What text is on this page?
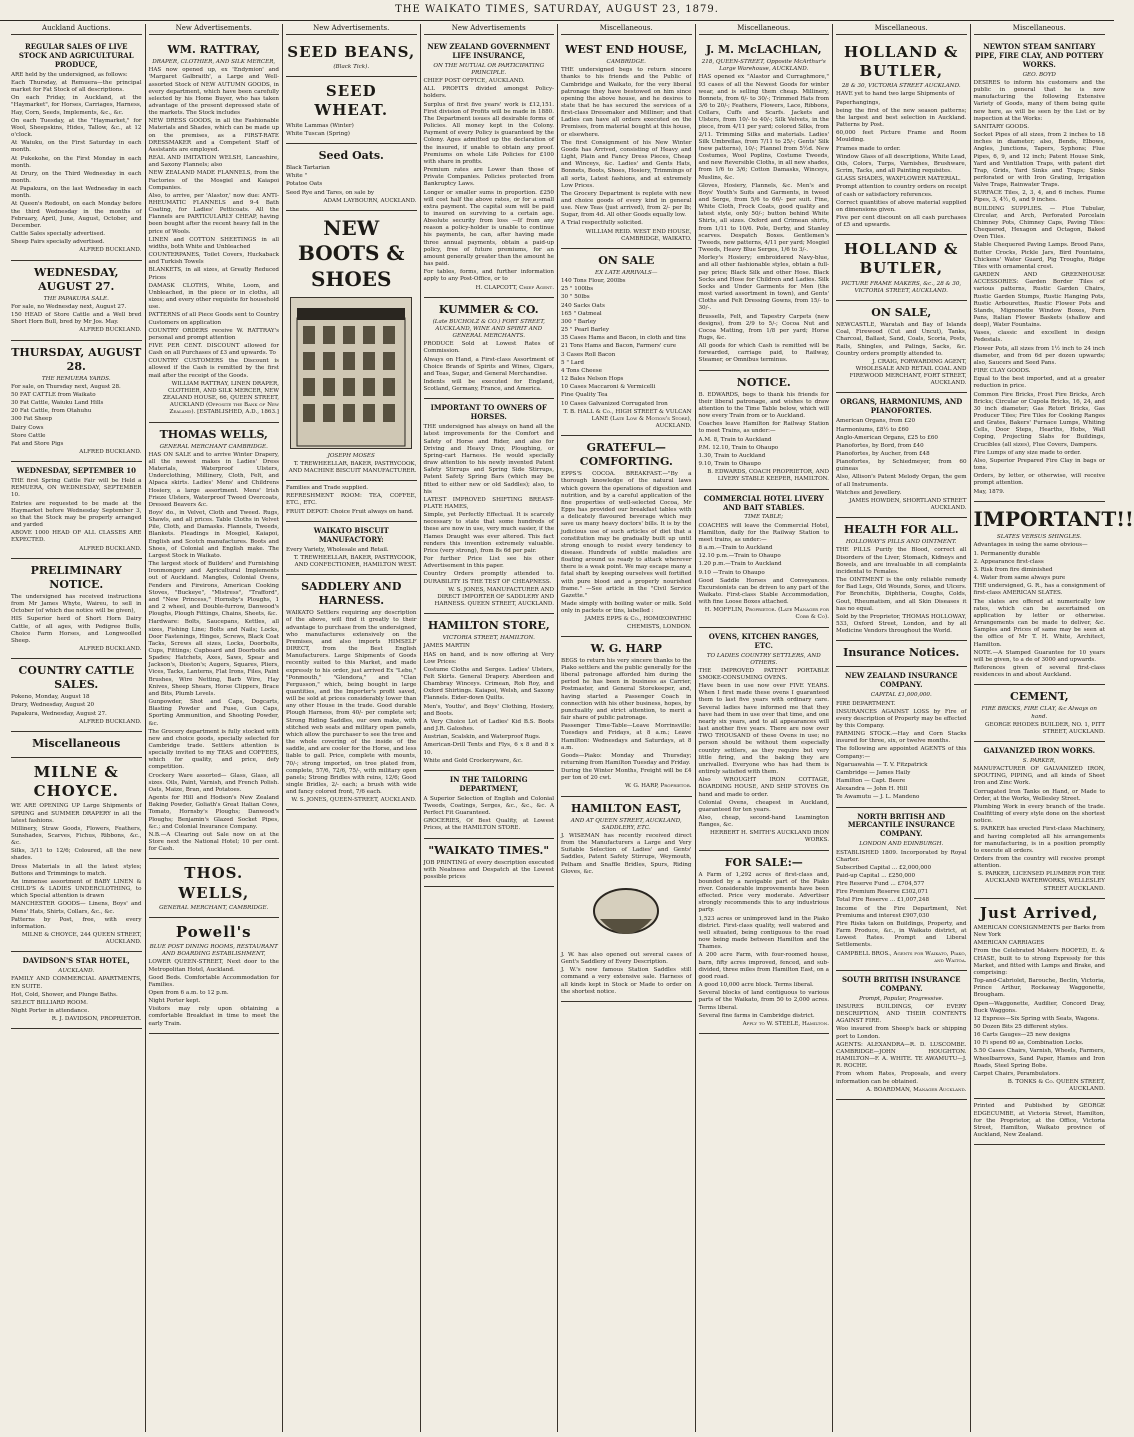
THE WAIKATO TIMES, SATURDAY, AUGUST 23, 1879.
Auckland Auctions.
REGULAR SALES OF LIVE STOCK AND AGRICULTURAL PRODUCE,
ARE held by the undersigned, as follows:
Each Thursday, at Remuera—the principal market for Fat Stock of all descriptions.
On each Friday, in Auckland, at the "Haymarket", for Horses, Carriages, Harness, Hay, Corn, Seeds, Implements, &c., &c.
On each Tuesday, at the "Haymarket," for Wool, Sheepskins, Hides, Tallow, &c., at 12 o'clock.
At Waiuku, on the First Saturday in each month.
At Pukekohe, on the First Monday in each month.
At Drury, on the Third Wednesday in each month.
At Papakura, on the last Wednesday in each month.
At Queen's Redoubt, on each Monday before the third Wednesday in the months of February, April, June, August, October, and December.
Cattle Sales specially advertised.
Sheep Fairs specially advertised.
ALFRED BUCKLAND.
WEDNESDAY, AUGUST 27.
THE PAPAKURA SALE.
For sale, no Wednesday next, August 27.
150 HEAD of Store Cattle and a Well bred Short Horn Bull, bred by Mr Jos. May.
ALFRED BUCKLAND.
THURSDAY, AUGUST 28.
THE REMUERA YARDS.
For sale, on Thursday next, August 28.
50 FAT CATTLE from Waikato
30 Fat Cattle, Waiuku Land Hills
20 Fat Cattle, from Otahuhu
300 Fat Sheep
Dairy Cows
Store Cattle
Fat and Store Pigs
ALFRED BUCKLAND.
WEDNESDAY, SEPTEMBER 10
THE first Spring Cattle Fair will be Held a REMUERA, ON WEDNESDAY, SEPTEMBER 10.
Entries are requested to be made at the Haymarket before Wednesday September 3, so that the Stock may be properly arranged and yarded
ABOVE 1000 HEAD OF ALL CLASSES ARE EXPECTED.
ALFRED BUCKLAND.
PRELIMINARY NOTICE.
The undersigned has received instructions from Mr James Whyte, Waireu, to sell in October (of which due notice will be given),
HIS Superior herd of Short Horn Dairy Cattle, of all ages, with Pedigree Bulls, Choice Farm Horses, and Longwoolled Sheep.
ALFRED BUCKLAND.
COUNTRY CATTLE SALES.
Pokeno, Monday, August 18
Drury, Wednesday, August 20
Papakura, Wednesday, August 27.
ALFRED BUCKLAND.
Miscellaneous
MILNE & CHOYCE.
WE ARE OPENING UP Large Shipments of SPRING and SUMMER DRAPERY in all the latest fashions.
Millinery, Straw Goods, Flowers, Feathers, Sunshades, Scarves, Fichus, Ribbons, &c., &c.
Silks, 3/11 to 12/6; Coloured, all the new shades.
Dress Materials in all the latest styles; Buttons and Trimmings to match.
An immense assortment of BABY LINEN & CHILD'S & LADIES UNDERCLOTHING, to which Special attention is drawn
MANCHESTER GOODS— Linens, Boys' and Mens' Hats, Shirts, Collars, &c., &c.
Patterns by Post, free, with every information.
MILNE & CHOYCE, 244 QUEEN STREET, AUCKLAND.
DAVIDSON'S STAR HOTEL,
AUCKLAND.
FAMILY AND COMMERCIAL APARTMENTS, EN SUITE.
Hot, Cold, Shower, and Plunge Baths.
SELECT BILLIARD ROOM.
Night Porter in attendance.
R. J. DAVIDSON, PROPRIETOR.
New Advertisements.
WM. RATTRAY,
DRAPER, CLOTHIER, AND SILK MERCER,
HAS now opened up, ex 'Endymion' and 'Margaret Galbraith', a Large and Well-assorted Stock of NEW AUTUMN GOODS, in every department, which have been carefully selected by his Home Buyer, who has taken advantage of the present depressed state of the markets. The Stock includes
NEW DRESS GOODS, in all the Fashionable Materials and Shades, which can be made up on the premises, as a FIRST-RATE DRESSMAKER and a Competent Staff of Assistants are employed.
REAL AND IMITATION WELSH, Lancashire, and Saxony Flannels; also
NEW ZEALAND MADE FLANNELS, from the Factories of the Mosgiel and Kaiapoi Companies.
Also, to arrive, per 'Alastor,' now due: ANTI-RHEUMATIC FLANNELS and 9-4 Bath Coating, for Ladies' Petticoats. All the Flannels are PARTICULARLY CHEAP, having been bought after the recent heavy fall in the price of Wools.
LINEN and COTTON SHEETINGS in all widths, both White and Unbleached
COUNTERPANES, Toilet Covers, Huckaback and Turkish Towels
BLANKETS, in all sizes, at Greatly Reduced Prices
DAMASK CLOTHS, White, Loom, and Unbleached, in the piece or in cloths, all sizes; and every other requisite for household use.
PATTERNS of all Piece Goods sent to Country Customers on application
COUNTRY ORDERS receive W. RATTRAY's personal and prompt attention
FIVE PER CENT. DISCOUNT allowed for Cash on all Purchases of £3 and upwards. To
COUNTRY CUSTOMERS the Discount is allowed if the Cash is remitted by the first mail after the receipt of the Goods.
WILLIAM RATTRAY, LINEN DRAPER, CLOTHIER, AND SILK MERCER, NEW ZEALAND HOUSE, 66, QUEEN STREET, AUCKLAND (Opposite the Bank of New Zealand). [ESTABLISHED, A.D., 1863.]
THOMAS WELLS,
GENERAL MERCHANT CAMBRIDGE.
HAS ON SALE and to arrive Winter Drapery, all the newest makes in Ladies' Dress Materials, Waterproof Ulsters, Underclothing, Millinery, Cloth, Felt, and Alpaca skirts. Ladies' Mens' and Childrens Hosiery, a large assortment. Mens' Irish Frieze Ulsters, Waterproof Tweed Overcoats, Dressed Beavers &c.
Boys' do., in Velvet, Cloth and Tweed. Rugs, Shawls, and all prices. Table Cloths in Velvet Pile, Cloth, and Damasks. Flannels, Tweeds, Blankets. Fleadings in Mosgiel, Kaiapoi, English and Scotch manufactures. Boots and Shoes, of Colonial and English make. The Largest Stock in Waikato.
The largest stock of Builders' and Furnishing Ironmongery and Agricultural Implements out of Auckland. Mangles, Colonial Ovens, Fenders and Fireirons, American Cooking Stoves, "Buckeye", "Mistress", "Trafford", and "New Princess," Hornsby's Ploughs, 1 and 2 wheel, and Double-furrow, Danwood's Ploughs, Plough Fittings, Chains, Sheets, &c.
Hardware: Bolts, Saucepans, Kettles, all sizes, Fishing Line; Bolts and Nails; Locks, Door Fastenings, Hinges, Screws, Black Coat Tacks, Screws all sizes, Locks, Doorbolts, Cups, Fittings; Cupboard and Doorbolts and Spades; Hatchets, Axes, Saws, Spear and Jackson's, Disston's; Augers, Squares, Pliers, Vices, Tacks, Lanterns, Flat Irons, Files, Paint Brushes, Wire Netting, Barb Wire, Hay Knives, Sheep Shears, Horse Clippers, Brace and Bits, Plumb Levels.
Gunpowder, Shot and Caps, Dogcarts, Blasting Powder and Fuse, Gun Caps, Sporting Ammunition, and Shooting Powder, &c.
The Grocery department is fully stocked with new and choice goods, specially selected for Cambridge trade. Settlers attention is specially invited to my TEAS and COFFEES, which for quality, and price, defy competition.
Crockery Ware assorted— Glass, Glass, all sizes. Oils, Paint, Varnish, and French Polish. Oats, Maize, Bran, and Potatoes.
Agents for Hill and Hodson's New Zealand Baking Powder, Goliath's Great Italian Cows, Tomato, Hornsby's Ploughs; Danwood's Ploughs; Benjamin's Glazed Socket Pipes, &c.; and Colonial Insurance Company.
N.B.—A Clearing out Sale now on at the Store next the National Hotel; 10 per cent. for Cash.
THOS. WELLS,
GENERAL MERCHANT, CAMBRIDGE.
Powell's
BLUE POST DINING ROOMS, RESTAURANT AND BOARDING ESTABLISHMENT,
LOWER QUEEN-STREET, Next door to the Metropolitan Hotel, Auckland.
Good Beds. Comfortable Accommodation for Families.
Open from 6 a.m. to 12 p.m.
Night Porter kept.
Visitors may rely upon obtaining a comfortable Breakfast in time to meet the early Train.
New Advertisements.
SEED BEANS,
(Black Tick).
SEED WHEAT.
White Lammas (Winter)
White Tuscan (Spring)
Seed Oats.
Black Tartarian
White "
Potatoe Oats
Seed Rye and Tares, on sale by
ADAM LAYBOURN, AUCKLAND.
NEW BOOTS & SHOES
JOSEPH MOSES
T. TREWHEELLAR, BAKER, PASTRYCOOK, AND MACHINE BISCUIT MANUFACTURER.
Families and Trade supplied.
REFRESHMENT ROOM: TEA, COFFEE, ETC., ETC.
FRUIT DEPOT: Choice Fruit always on hand.
WAIKATO BISCUIT MANUFACTORY:
Every Variety, Wholesale and Retail.
T. TREWHEELLAR, BAKER, PASTRYCOOK, AND CONFECTIONER, HAMILTON WEST.
SADDLERY AND HARNESS.
WAIKATO Settlers requiring any description of the above, will find it greatly to their advantage to purchase from the undersigned, who manufactures extensively on the Premises, and also imports HIMSELF DIRECT, from the Best English Manufacturers. Large Shipments of Goods recently suited to this Market, and made expressly to his order, just arrived Ex "Lebu," "Ponmouth," "Glendora," and "Clan Fergusson," which, being bought in large quantities, and the Importer's profit saved, will be sold at prices considerably lower than any other House in the trade. Good durable Plough Harness, from 40/- per complete set; Strong Riding Saddles, our own make, with stitched web seats and military open panels, which allow the purchaser to see the tree and the whole covering of the inside of the saddle, and are cooler for the Horse, and less liable to gall. Price, complete with mounts, 70/-; strong imported, on tree plated from, complete, 57/6, 72/6, 75/-, with military open panels; Strong Bridles with reins, 12/6; Good single Bridles, 2/- each; a brush with wide and fancy colored front, 7/6 each.
W. S. JONES, QUEEN-STREET, AUCKLAND.
New Advertisements
NEW ZEALAND GOVERNMENT LIFE INSURANCE,
ON THE MUTUAL OR PARTICIPATING PRINCIPLE.
CHIEF POST OFFICE, AUCKLAND.
ALL PROFITS divided amongst Policy-holders.
Surplus of first five years' work is £12,151. First division of Profits will be made in 1880. The Department issues all desirable forms of Policies. All money kept in the Colony. Payment of every Policy is guaranteed by the Colony. Ages admitted up the declaration of the insured, if unable to obtain any proof. Premiums on whole Life Policies for £100 with share in profits.
Premium rates are Lower than those of Private Companies. Policies protected from Bankruptcy Laws.
Longer or smaller sums in proportion. £250 will cost half the above rates, or for a small extra payment. The capital sum will be paid to insured on surviving to a certain age. Absolute security from loss —If from any reason a policy-holder is unable to continue his payments, he can, after having made three annual payments, obtain a paid-up policy, free of future premiums, for an amount generally greater than the amount he has paid.
For tables, forms, and further information apply to any Post-Office, or to
H. CLAPCOTT, Chief Agent.
KUMMER & CO.
(Late BUCHOLZ & CO.) FORT STREET, AUCKLAND, WINE AND SPIRIT AND GENERAL MERCHANTS.
PRODUCE Sold at Lowest Rates of Commission.
Always on Hand, a First-class Assortment of Choice Brands of Spirits and Wines, Cigars, and Teas, Sugar, and General Merchandise.
Indents will be executed for England, Scotland, Germany, France, and America.
IMPORTANT TO OWNERS OF HORSES.
THE undersigned has always on hand all the latest improvements for the Comfort and Safety of Horse and Rider, and also for Driving and Heavy Dray, Ploughing, or Spring-cart Harness. He would specially draw attention to his newly invented Patent Safety Stirrups and Spring Side Stirrups, Patent Safety Spring Bars (which may be fitted to either new or old Saddles); also, to his
LATEST IMPROVED SHIFTING BREAST-PLATE HAMES,
Simple, yet Perfectly Effectual. It is scarcely necessary to state that some hundreds of these are now in use, very much easier, if the Hames Draught was ever altered. This fact renders this invention extremely valuable. Price (very strong), from 8s 6d per pair.
For further Price List see his other Advertisement in this paper.
Country Orders promptly attended to. DURABILITY IS THE TEST OF CHEAPNESS.
W. S. JONES, MANUFACTURER AND DIRECT IMPORTER OF SADDLERY AND HARNESS. QUEEN STREET, AUCKLAND.
HAMILTON STORE,
VICTORIA STREET, HAMILTON.
JAMES MARTIN
HAS on hand, and is now offering at Very Low Prices:
Costume Cloths and Serges. Ladies' Ulsters, Felt Skirts. General Drapery. Aberdeen and Chambray Winceys. Crimean, Rob Roy, and Oxford Shirtings. Kaiapoi, Welsh, and Saxony Flannels. Eider-down Quilts.
Men's, Youths', and Boys' Clothing, Hosiery, and Boots.
A Very Choice Lot of Ladies' Kid B.S. Boots and J.R. Galoshes.
Austrian, Scalskin, and Waterproof Rugs.
American-Drill Tents and Flys, 6 x 8 and 8 x 10.
White and Gold Crockeryware, &c.
IN THE TAILORING DEPARTMENT,
A Superior Selection of English and Colonial Tweeds, Coatings, Serges, &c., &c., &c. A Perfect Fit Guaranteed.
GROCERIES, Of Best Quality, at Lowest Prices, at the HAMILTON STORE.
"WAIKATO TIMES."
JOB PRINTING of every description executed with Neatness and Despatch at the Lowest possible prices
Miscellaneous.
WEST END HOUSE,
CAMBRIDGE.
THE undersigned begs to return sincere thanks to his friends and the Public of Cambridge and Waikato, for the very liberal patronage they have bestowed on him since opening the above house, and he desires to state that he has secured the services of a first-class Dressmaker and Milliner; and that Ladies can have all orders executed on the Premises, from material bought at this house, or elsewhere.
The first Consignment of his New Winter Goods has Arrived, consisting of Heavy and Light, Plain and Fancy Dress Pieces, Cheap and Winceys, &c. Ladies' and Gents Hats, Bonnets, Boots, Shoes, Hosiery, Trimmings of all sorts, Latest fashions, and at extremely Low Prices.
The Grocery Department is replete with new and choice goods of every kind in general use. New Teas (just arrived), from 2/- per lb; Sugar, from 4d. All other Goods equally low.
A Trial respectfully solicited.
WILLIAM REID. WEST END HOUSE, CAMBRIDGE, WAIKATO.
ON SALE
EX LATE ARRIVALS—
140 Tons Flour, 200lbs
25 " 100lbs
30 " 50lbs
240 Sacks Oats
165 " Oatmeal
300 " Barley
25 " Pearl Barley
35 Cases Hams and Bacon, in cloth and tins
21 Tons Hams and Bacon, Farmers' cure
3 Cases Roll Bacon
5 " Lard
4 Tons Cheese
12 Bales Nelson Hops
10 Cases Maccaroni & Vermicelli
Fine Quality Tea
10 Cases Galvanized Corrugated Iron
T. B. HALL & Co., HIGH STREET & VULCAN LANE (Late Low & Motion's Store), AUCKLAND.
GRATEFUL—COMFORTING.
EPPS'S COCOA. BREAKFAST.—"By a thorough knowledge of the natural laws which govern the operations of digestion and nutrition, and by a careful application of the fine properties of well-selected Cocoa, Mr Epps has provided our breakfast tables with a delicately flavoured beverage which may save us many heavy doctors' bills. It is by the judicious use of such articles of diet that a constitution may be gradually built up until strong enough to resist every tendency to disease. Hundreds of subtle maladies are floating around us ready to attack wherever there is a weak point. We may escape many a fatal shaft by keeping ourselves well fortified with pure blood and a properly nourished frame." —See article in the "Civil Service Gazette."
Made simply with boiling water or milk. Sold only in packets or tins, labelled :
JAMES EPPS & Co., HOMŒOPATHIC CHEMISTS, LONDON.
W. G. HARP
BEGS to return his very sincere thanks to the Piako settlers and the public generally for the liberal patronage afforded him during the period he has been in business as Carrier, Postmaster, and General Storekeeper, and, having started a Passenger Coach in connection with his other business, hopes, by punctuality and strict attention, to merit a fair share of public patronage.
Passenger Time-Table—Leave Morrinsville: Tuesdays and Fridays, at 8 a.m.; Leave Hamilton: Wednesdays and Saturdays, at 8 a.m.
Goods—Piako: Monday and Thursday; returning from Hamilton Tuesday and Friday.
During the Winter Months, Freight will be £4 per ton of 20 cwt.
W. G. HARP, Proprietor.
HAMILTON EAST,
AND AT QUEEN STREET, AUCKLAND, SADDLERY, ETC.
J. WISEMAN has recently received direct from the Manufacturers a Large and Very Suitable Selection of Ladies' and Gents' Saddles, Patent Safety Stirrups, Weymouth, Pelham and Snaffle Bridles, Spurs, Riding Gloves, &c.
J. W. has also opened out several cases of Gent's Saddlery of Every Description.
J. W.'s now famous Station Saddles still command a very extensive sale. Harness of all kinds kept in Stock or Made to order on the shortest notice.
Miscellaneous.
J. M. McLACHLAN,
218, QUEEN-STREET, Opposite McArthur's Large Warehouse, AUCKLAND.
HAS opened ex "Alastor and Curraghmore," 93 cases of all the Newest Goods for winter wear, and is selling them cheap. Millinery, Bonnets, from 6/- to 30/-; Trimmed Hats from 3/6 to 20/-; Feathers, Flowers, Lace, Ribbons, Collars, Cuffs and Scarfs. Jackets and Ulsters, from 10/- to 40/-; Silk Velvets, in the piece, from 4/11 per yard; colored Silks, from 2/11. Trimming Silks and materials. Ladies' Silk Umbrellas, from 7/11 to 25/-; Gents' Silk (new patterns), 10/-; Flannel from 5½d. New Costumes, Wool Poplins, Costume Tweeds, and new Reversible Cloths, in all new shades, from 1/6 to 3/6; Cotton Damasks, Winceys, Muslins, &c.
Gloves, Hosiery, Flannels, &c. Men's and Boys' Youth's Suits and Garments, in tweed and Serge, from 5/6 to 66/- per suit. Fine, White Cloth, Frock Coats, good quality and latest style, only 50/-; button behind White Shirts, all sizes. Oxford and Crimean shirts, from 1/11 to 10/6. Pole, Derby, and Stanley scarves. Despatch Boxes. Gentlemen's Tweeds, new patterns, 4/11 per yard; Mosgiel Tweeds, Heavy Blue Serges, 1/6 to 3/-.
Morley's Hosiery; embroidered Navy-blue, and all other fashionable styles, obtain a full-pay price; Black Silk and other Hose. Black Socks and Hose for Children and Ladies. Silk Socks and Under Garments for Men (the most varied assortment in town), and Gents' Cloths and Felt Dressing Gowns, from 15/- to 30/-.
Brussells, Felt, and Tapestry Carpets (new designs), from 2/9 to 5/-; Cocoa Nut and Cocoa Matting, from 1/8 per yard; Horse Rugs, &c.
All goods for which Cash is remitted will be forwarded, carriage paid, to Railway, Steamer, or Omnibus terminus.
NOTICE.
B. EDWARDS, begs to thank his friends for their liberal patronage, and wishes to draw attention to the Time Table below, which will now every Train from or to Auckland.
Coaches leave Hamilton for Railway Station to meet Trains, as under:—
A.M. 8, Train to Auckland
P.M. 12.10, Train to Ohaupo
1.30, Train to Auckland
9.10, Train to Ohaupo
B. EDWARDS, COACH PROPRIETOR, AND LIVERY STABLE KEEPER, HAMILTON.
COMMERCIAL HOTEL LIVERY AND BAIT STABLES.
TIME TABLE;
COACHES will leave the Commercial Hotel, Hamilton, daily for the Railway Station to meet trains, as under:—
8 a.m.—Train to Auckland
12.10 p.m.—Train to Ohaupo
1.20 p.m.—Train to Auckland
9.10 —Train to Ohaupo
Good Saddle Horses and Conveyances. Excursionists can be driven to any part of the Waikato. First-class Stable Accommodation, with fine Loose Boxes attached.
H. MOFFLIN, Proprietor. (Late Manager for Cobb & Co).
OVENS, KITCHEN RANGES, ETC.
TO LADIES COUNTRY SETTLERS, AND OTHERS.
THE IMPROVED PATENT PORTABLE SMOKE-CONSUMING OVENS.
Have been in use now over FIVE YEARS. When I first made these ovens I guaranteed them to last five years with ordinary care. Several ladies have informed me that they have had them in use over that time, and one nearly six years, and to all appearances will last another five years. There are now over TWO THOUSAND of these Ovens in use; no person should be without them especially country settlers, as they require but very little firing, and the baking they are unrivalled. Everyone who has had them is entirely satisfied with them.
Also WROUGHT IRON COTTAGE, BOARDING HOUSE, AND SHIP STOVES On hand and made to order.
Colonial Ovens, cheapest in Auckland, guaranteed for ten years.
Also, cheap, second-hand Leamington Ranges, &c.
HERBERT H. SMITH'S AUCKLAND IRON WORKS.
FOR SALE:—
A Farm of 1,292 acres of first-class and, bounded by a navigable part of the Piako river. Considerable improvements have been effected. Price very moderate. Advertiser strongly recommends this to any industrious party.
1,523 acres or unimproved land in the Piako district. First-class quality, well watered and well situated, being contiguous to the road now being made between Hamilton and the Thames.
A 200 acre Farm, with four-roomed house, barn, fifty acres improved, fenced, and sub-divided, three miles from Hamilton East, on a good road.
A good 10,000 acre block. Terms liberal.
Several blocks of land contiguous to various parts of the Waikato, from 50 to 2,000 acres. Terms liberal.
Several fine farms in Cambridge district.
Apply to W. STEELE, Hamilton.
Miscellaneous.
HOLLAND & BUTLER,
28 & 30, VICTORIA STREET AUCKLAND.
HAVE yet to hand two large Shipments of
Paperhangings,
being the first of the new season patterns; the largest and best selection in Auckland. Patterns by Post.
60,000 feet Picture Frame and Room Moulding.
Frames made to order.
Window Glass of all descriptions, White Lead, Oils, Colors, Turps, Varnishes, Brushware, Scrim, Tacks, and all Painting requisites.
GLASS SHADES, WAXFLOWER MATERIAL.
Prompt attention to country orders on receipt of cash or satisfactory references.
Correct quantities of above material supplied on dimensions given.
Five per cent discount on all cash purchases of £5 and upwards.
HOLLAND & BUTLER,
PICTURE FRAME MAKERS, &c., 28 & 30, VICTORIA STREET, AUCKLAND.
ON SALE,
NEWCASTLE, Waratah and Bay of Islands Coal, Firewood (Cut and Uncut), Tanks, Charcoal, Ballast, Sand, Coals, Scoria, Posts, Rails, Shingles, and Palings, Sacks, &c. Country orders promptly attended to.
J. CRAIG, FORWARDING AGENT, WHOLESALE AND RETAIL COAL AND FIREWOOD MERCHANT, FORT STREET, AUCKLAND.
ORGANS, HARMONIUMS, AND PIANOFORTES.
American Organs, from £20
Harmoniums, £8½ to £60
Anglo-American Organs, £25 to £60
Pianofortes, by Bord, from £40
Pianofortes, by Aucher, from £48
Pianofortes, by Schiedmeyer, from 60 guineas
Also, Allison's Patent Melody Organ, the gem of all Instruments.
Watches and Jewellery.
JAMES HOWDEN, SHORTLAND STREET AUCKLAND.
HEALTH FOR ALL.
HOLLOWAY'S PILLS AND OINTMENT.
THE PILLS Purify the Blood, correct all Disorders of the Liver, Stomach, Kidneys and Bowels, and are invaluable in all complaints incidental to Females.
The OINTMENT is the only reliable remedy for Bad Legs, Old Wounds, Sores, and Ulcers. For Bronchitis, Diphtheria, Coughs, Colds, Gout, Rheumatism, and all Skin Diseases it has no equal.
Sold by the Proprietor, THOMAS HOLLOWAY, 533, Oxford Street, London, and by all Medicine Vendors throughout the World.
Insurance Notices.
NEW ZEALAND INSURANCE COMPANY.
CAPITAL £1,000,000.
FIRE DEPARTMENT.
INSURANCES AGAINST LOSS by Fire of every description of Property may be effected by this Company.
FARMING STOCK.—Hay and Corn Stacks insured for three, six, or twelve months.
The following are appointed AGENTS of this Company:—
Ngaruawahia — T. V. Fitzpatrick
Cambridge — James Haily
Hamilton — Capt. Beere
Alexandra — John H. Hill
Te Awamutu — J. L. Mandeno
NORTH BRITISH AND MERCANTILE INSURANCE COMPANY.
LONDON AND EDINBURGH.
ESTABLISHED 1809. Incorporated by Royal Charter.
Subscribed Capital ... £2,000,000
Paid-up Capital ... £250,000
Fire Reserve Fund ... £704,577
Fire Premium Reserve £302,071
Total Fire Reserve ... £1,007,248
Income of the Fire Department, Net Premiums and interest £907,030
Fire Risks taken on Buildings, Property, and Farm Produce, &c., in Waikato district, at Lowest Rates. Prompt and Liberal Settlements.
CAMPBELL BROS., Agents for Waikato, Piako, and Waitoa.
SOUTH BRITISH INSURANCE COMPANY.
Prompt, Popular, Progressive.
INSURES BUILDINGS, OF EVERY DESCRIPTION, AND THEIR CONTENTS AGAINST FIRE.
Woo insured from Sheep's back or shipping port to London.
AGENTS: ALEXANDRA—R. D. LUSCOMBE. CAMBRIDGE—JOHN HOUGHTON. HAMILTON—F. A. WHITE. TE AWAMUTU—J. R. ROCHE.
From whom Rates, Proposals, and every information can be obtained.
A. BOARDMAN, Manager Auckland.
Miscellaneous.
NEWTON STEAM SANITARY PIPE, FIRE CLAY, AND POTTERY WORKS.
GEO. BOYD
DESIRES to inform his customers and the public in general that he is now manufacturing the following Extensive Variety of Goods, many of them being quite new here, as will be seen by the List or by inspection at the Works:
SANITARY GOODS.
Socket Pipes of all sizes, from 2 inches to 18 inches in diameter; also, Bends, Elbows, Angles, Junctions, Tapers, Syphons; Flue Pipes, 6, 9, and 12 inch; Patent House Sink, Yard and Ventilation Traps, with patent dirt Trap, Grids, Yard Sinks and Traps; Sinks perforated or with Iron Grating, Irrigation Valve Traps, Rainwater Traps.
SURFACE Tiles, 2, 3, 4, and 6 inches. Fiume Pipes, 3, 4½, 6, and 9 inches.
BUILDING SUPPLIES. — Flue Tubular, Circular, and Arch, Perforated Porcelain Chimney Pots, Chimney Caps, Paving Tiles: Chequered, Hexagon and Octagon, Baked Oven Tiles.
Stable Chequered Paving Lamps. Brood Pans, Butter Crocks, Pickle Jars, Bird Fountains, Chickens' Water Guard, Pig Troughs, Ridge Tiles with ornamental crest.
GARDEN AND GREENHOUSE ACCESSORIES: Garden Border Tiles of various patterns, Rustic Garden Chairs, Rustic Garden Stumps, Rustic Hanging Pots, Rustic Arbourettes, Rustic Flower Pots and Stands, Mignonette Window Boxes, Fern Pans, Italian Flower Baskets (shallow and deep), Water Fountains.
Vases, classic and excellent in design Pedestals.
Flower Pots, all sizes from 1½ inch to 24 inch diameter, and from 6d per dozen upwards; also, Saucers and Seed Pans.
FIRE CLAY GOODS.
Equal to the best imported, and at a greater reduction in price.
Common Fire Bricks, Frost Fire Bricks, Arch Bricks; Circular or Cupola Bricks, 16, 24, and 30 inch diameter; Gas Retort Bricks, Gas Producer Tiles; Fire Tiles for Cooking Ranges and Grates, Bakers' Furnace Lumps, Whiting Cells, Door Steps, Hearths, Hobs, Wall Coping, Projecting Slabs for Buildings, Crucibles (all sizes), Flue Covers, Dampers.
Fire Lumps of any size made to order.
Also, Superior Prepared Fire Clay in bags or tons.
Orders, by letter, or otherwise, will receive prompt attention.
May, 1879.
IMPORTANT!!
SLATES VERSUS SHINGLES.
Advantages in using the same obvious—
1. Permanently durable
2. Appearance first-class
3. Risk from fire diminished
4. Water from same always pure
THE undersigned, G. R., has a consignment of first-class AMERICAN SLATES.
The slates are offered at numerically low rates, which can be ascertained on application by letter or otherwise. Arrangements can be made to deliver, &c. Samples and Prices of same may be seen at the office of Mr T. H. White, Architect, Hamilton.
NOTE.—A Stamped Guarantee for 10 years will be given, to a de of 3000 and upwards.
References given of several first-class residences in and about Auckland.
CEMENT,
FIRE BRICKS, FIRE CLAY, &c Always on hand.
GEORGE RHODES BUILDER, NO. 1, PITT STREET, AUCKLAND.
GALVANIZED IRON WORKS.
S. PARKER,
MANUFACTURER OF GALVANIZED IRON, SPOUTING, PIPING, and all kinds of Sheet Iron and Zinc Work.
Corrugated Iron Tanks on Hand, or Made to Order, at the Works, Wellesley Street.
Plumbing Work in every branch of the trade. Coalfitting of every style done on the shortest notice.
S. PARKER has erected First-class Machinery, and having completed all his arrangements for manufacturing, is in a position promptly to execute all orders.
Orders from the country will receive prompt attention.
S. PARKER, LICENSED PLUMBER FOR THE AUCKLAND WATERWORKS, WELLESLEY STREET AUCKLAND.
Just Arrived,
AMERICAN CONSIGNMENTS per Barks from New York
AMERICAN CARRIAGES
From the Celebrated Makers ROOFED, E. & CHASE, built to to strong Expressly for this Market, and fitted with Lamps and Brake, and comprising:
Top-and-Cabriolet, Barouche, Beclin, Victoria, Prince Arthur, Rockaway Waggonette, Brougham.
Open—Waggonette, Audilier, Concord Dray, Buck Waggons.
12 Express—Six Spring with Seats, Wagons.
50 Dozen Bits 25 different styles.
16 Carts Gauges—25 new designs
10 Fi spend 60 as, Combination Locks.
5.50 Cases Chairs, Varnish, Wheels, Farmers, Wheelbarrows, Sand Paper, Hames and Iron Roads, Steel Spring Bobs.
Carpet Chairs, Perambulators.
B. TONKS & Co. QUEEN STREET, AUCKLAND.
Printed and Published by GEORGE EDGECUMBE, at Victoria Street, Hamilton, for the Proprietor, at the Office, Victoria Street, Hamilton, Waikato province of Auckland, New Zealand.
